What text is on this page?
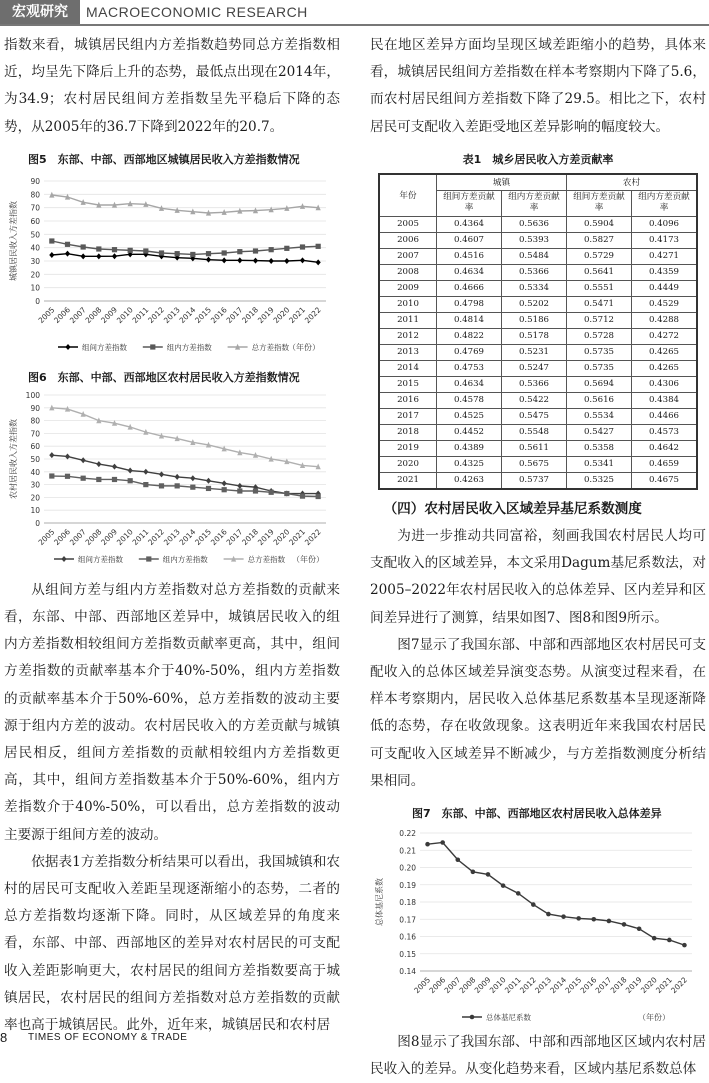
宏观研究	MACROECONOMIC RESEARCH

指数来看，城镇居民组内方差指数趋势同总方差指数相近，均呈先下降后上升的态势，最低点出现在2014年，为34.9；农村居民组间方差指数呈先平稳后下降的态势，从2005年的36.7下降到2022年的20.7。

图5　东部、中部、西部地区城镇居民收入方差指数情况

城镇居民收入方差指数
0
10
20
30
40
50
60
70
80
90
2005
2006
2007
2008
2009
2010
2011
2012
2013
2014
2015
2016
2017
2018
2019
2020
2021
2022
组间方差指数	组内方差指数	总方差指数
（年份）

图6　东部、中部、西部地区农村居民收入方差指数情况

农村居民收入方差指数
0
10
20
30
40
50
60
70
80
90
100
2005
2006
2007
2008
2009
2010
2011
2012
2013
2014
2015
2016
2017
2018
2019
2020
2021
2022
组间方差指数	组内方差指数	总方差指数 （年份）

从组间方差与组内方差指数对总方差指数的贡献来看，东部、中部、西部地区差异中，城镇居民收入的组内方差指数相较组间方差指数贡献率更高，其中，组间方差指数的贡献率基本介于40%-50%，组内方差指数的贡献率基本介于50%-60%，总方差指数的波动主要源于组内方差的波动。农村居民收入的方差贡献与城镇居民相反，组间方差指数的贡献相较组内方差指数更高，其中，组间方差指数基本介于50%-60%，组内方差指数介于40%-50%，可以看出，总方差指数的波动主要源于组间方差的波动。

依据表1方差指数分析结果可以看出，我国城镇和农村的居民可支配收入差距呈现逐渐缩小的态势，二者的总方差指数均逐渐下降。同时，从区域差异的角度来看，东部、中部、西部地区的差异对农村居民的可支配收入差距影响更大，农村居民的组间方差指数要高于城镇居民，农村居民的组间方差指数对总方差指数的贡献率也高于城镇居民。此外，近年来，城镇居民和农村居

民在地区差异方面均呈现区域差距缩小的趋势，具体来看，城镇居民组间方差指数在样本考察期内下降了5.6，而农村居民组间方差指数下降了29.5。相比之下，农村居民可支配收入差距受地区差异影响的幅度较大。

表1　城乡居民收入方差贡献率

年份	城镇		农村	
	组间方差贡献率	组内方差贡献率	组间方差贡献率	组内方差贡献率
2005	0.4364	0.5636	0.5904	0.4096
2006	0.4607	0.5393	0.5827	0.4173
2007	0.4516	0.5484	0.5729	0.4271
2008	0.4634	0.5366	0.5641	0.4359
2009	0.4666	0.5334	0.5551	0.4449
2010	0.4798	0.5202	0.5471	0.4529
2011	0.4814	0.5186	0.5712	0.4288
2012	0.4822	0.5178	0.5728	0.4272
2013	0.4769	0.5231	0.5735	0.4265
2014	0.4753	0.5247	0.5735	0.4265
2015	0.4634	0.5366	0.5694	0.4306
2016	0.4578	0.5422	0.5616	0.4384
2017	0.4525	0.5475	0.5534	0.4466
2018	0.4452	0.5548	0.5427	0.4573
2019	0.4389	0.5611	0.5358	0.4642
2020	0.4325	0.5675	0.5341	0.4659
2021	0.4263	0.5737	0.5325	0.4675

（四）农村居民收入区域差异基尼系数测度

为进一步推动共同富裕，刻画我国农村居民人均可支配收入的区域差异，本文采用Dagum基尼系数法，对2005–2022年农村居民收入的总体差异、区内差异和区间差异进行了测算，结果如图7、图8和图9所示。

图7显示了我国东部、中部和西部地区农村居民可支配收入的总体区域差异演变态势。从演变过程来看，在样本考察期内，居民收入总体基尼系数基本呈现逐渐降低的态势，存在收敛现象。这表明近年来我国农村居民可支配收入区域差异不断减少，与方差指数测度分析结果相同。

图7　东部、中部、西部地区农村居民收入总体差异

总体基尼系数
0.14
0.15
0.16
0.17
0.18
0.19
0.20
0.21
0.22
2005
2006
2007
2008
2009
2010
2011
2012
2013
2014
2015
2016
2017
2018
2019
2020
2021
2022
总体基尼系数	（年份）

图8显示了我国东部、中部和西部地区区域内农村居民收入的差异。从变化趋势来看，区域内基尼系数总体

8 TIMES OF ECONOMY & TRADE
